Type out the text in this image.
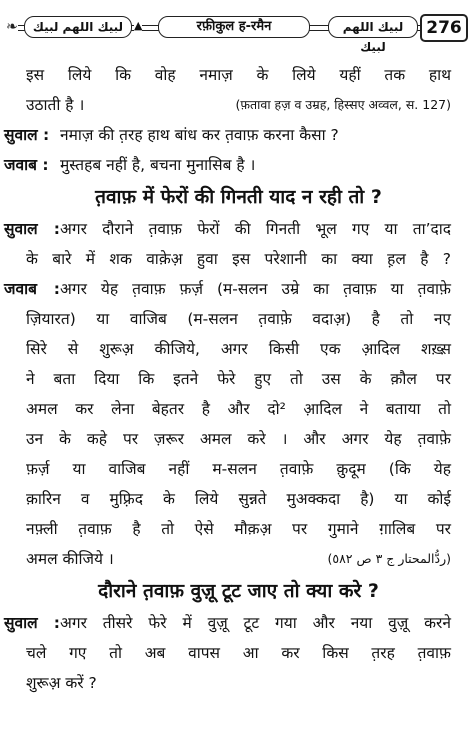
❧	▲
لبيك اللهم لبيك	रफ़ीकुल ह-रमैन	لبيك اللهم لبيك
276
इस लिये कि वोह नमाज़ के लिये यहीं तक हाथ
उठाती है ।	(फ़तावा हज़ व उम्रह, हिस्सए अव्वल, स. 127)
सुवाल : नमाज़ की त़रह हाथ बांध कर त़वाफ़ करना कैसा ?
जवाब : मुस्तहब नहीं है, बचना मुनासिब है ।
त़वाफ़ में फेरों की गिनती याद न रही तो ?
सुवाल :अगर दौराने त़वाफ़ फेरों की गिनती भूल गए या ता’दाद
के बारे में शक वाक़ेअ़ हुवा इस परेशानी का क्या ह़ल है ?
जवाब :अगर येह त़वाफ़ फ़र्ज़ (म-सलन उम्रे का त़वाफ़ या त़वाफ़े
ज़ियारत) या वाजिब (म-सलन त़वाफ़े वदाअ़) है तो नए
सिरे से शुरूअ़ कीजिये, अगर किसी एक आ़दिल शख़्स़
ने बता दिया कि इतने फेरे हुए तो उस के क़ौल पर
अमल कर लेना बेहतर है और दो² आ़दिल ने बताया तो
उन के कहे पर ज़रूर अमल करे । और अगर येह त़वाफ़े
फ़र्ज़ या वाजिब नहीं म-सलन त़वाफ़े क़ुदूम (कि येह
क़ारिन व मुफ़्रिद के लिये सुन्नते मुअक्कदा है) या कोई
नफ़्ली त़वाफ़ है तो ऐसे मौक़अ़ पर गुमाने ग़ालिब पर
अमल कीजिये ।	(ردُّالمحتار ج ٣ ص ٥٨٢)
दौराने त़वाफ़ वुजू़ टूट जाए तो क्या करे ?
सुवाल :अगर तीसरे फेरे में वुजू़ टूट गया और नया वुजू़ करने
चले गए तो अब वापस आ कर किस त़रह त़वाफ़
शुरूअ़ करें ?
